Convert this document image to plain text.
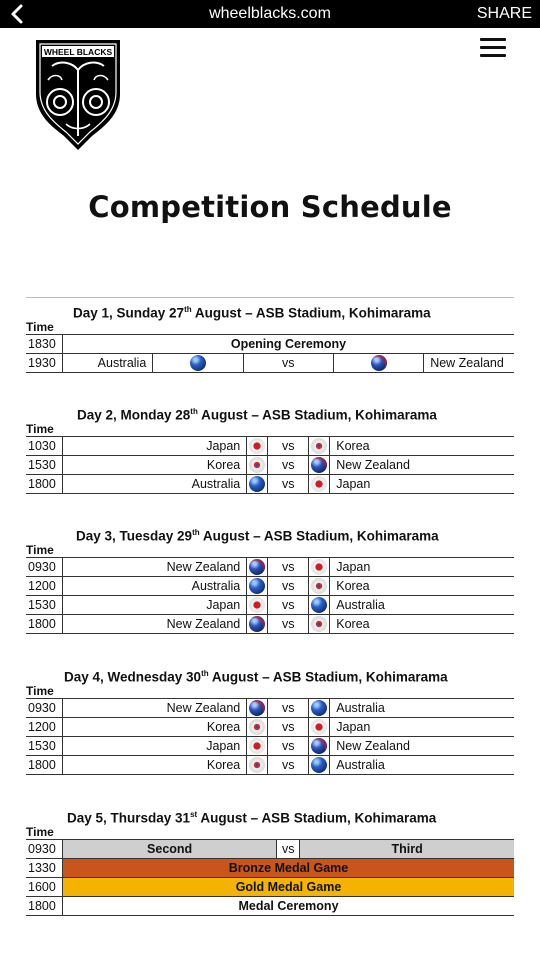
wheelblacks.com	SHARE
WHEEL BLACKS
Competition Schedule
Day 1, Sunday 27th August – ASB Stadium, Kohimarama
Time
1830	Opening Ceremony				
1930	Australia		vs		New Zealand
Day 2, Monday 28th August – ASB Stadium, Kohimarama
Time
1030	Japan		vs		Korea
1530	Korea		vs		New Zealand
1800	Australia		vs		Japan
Day 3, Tuesday 29th August – ASB Stadium, Kohimarama
Time
0930	New Zealand		vs		Japan
1200	Australia		vs		Korea
1530	Japan		vs		Australia
1800	New Zealand		vs		Korea
Day 4, Wednesday 30th August – ASB Stadium, Kohimarama
Time
0930	New Zealand		vs		Australia
1200	Korea		vs		Japan
1530	Japan		vs		New Zealand
1800	Korea		vs		Australia
Day 5, Thursday 31st August – ASB Stadium, Kohimarama
Time
0930	Second	vs	Third
1330	Bronze Medal Game		
1600	Gold Medal Game		
1800	Medal Ceremony		
